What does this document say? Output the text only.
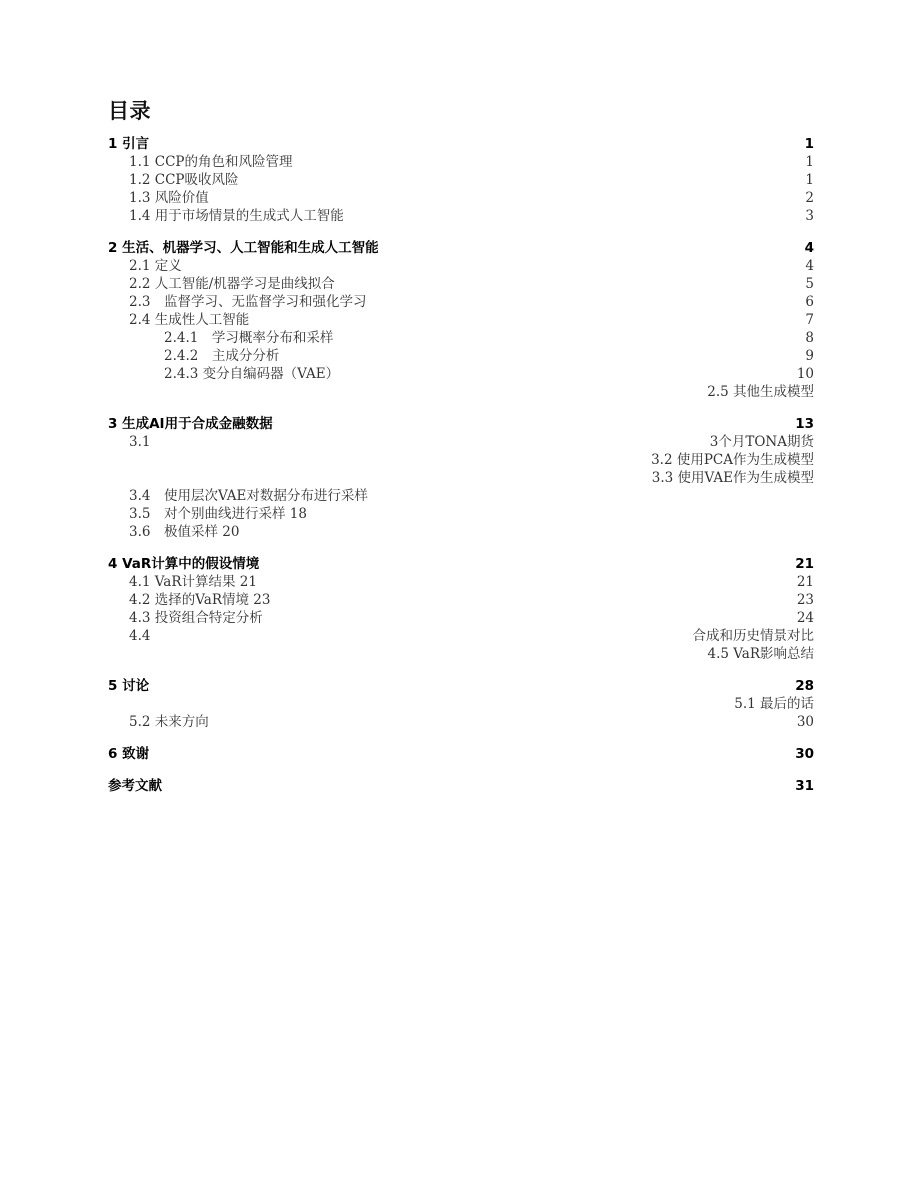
目录
1 引言	1
1.1 CCP的角色和风险管理	1
1.2 CCP吸收风险	1
1.3 风险价值	2
1.4 用于市场情景的生成式人工智能	3
2 生活、机器学习、人工智能和生成人工智能	4
2.1 定义	4
2.2 人工智能/机器学习是曲线拟合	5
2.3　监督学习、无监督学习和强化学习	6
2.4 生成性人工智能	7
2.4.1　学习概率分布和采样	8
2.4.2　主成分分析	9
2.4.3 变分自编码器（VAE）	10
2.5 其他生成模型
3 生成AI用于合成金融数据	13
3.1	3个月TONA期货
3.2 使用PCA作为生成模型
3.3 使用VAE作为生成模型
3.4　使用层次VAE对数据分布进行采样
3.5　对个别曲线进行采样 18
3.6　极值采样 20
4 VaR计算中的假设情境	21
4.1 VaR计算结果 21	21
4.2 选择的VaR情境 23	23
4.3 投资组合特定分析	24
4.4	合成和历史情景对比
4.5 VaR影响总结
5 讨论	28
5.1 最后的话
5.2 未来方向	30
6 致谢	30
参考文献	31
